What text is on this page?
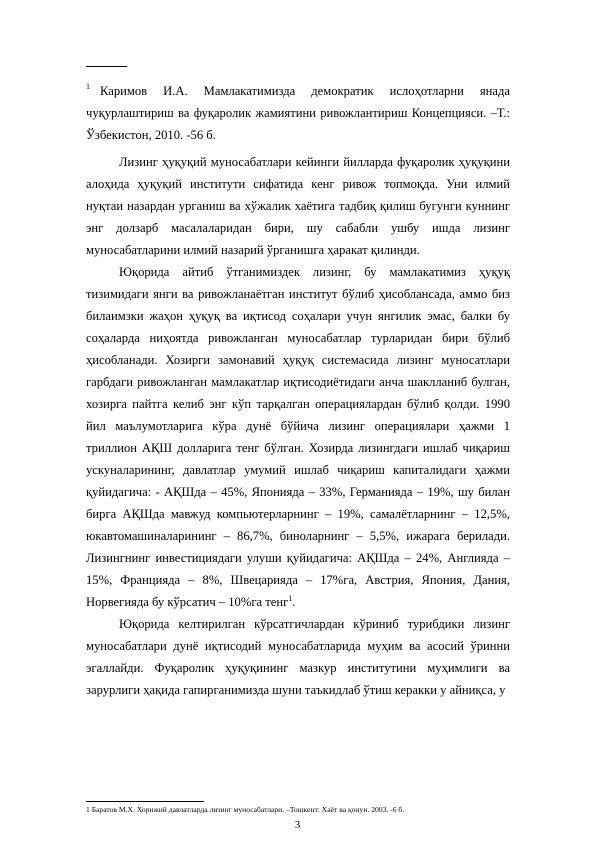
$^1$ Каримов И.А. Мамлакатимизда демократик ислоҳотларни янада чуқурлаштириш ва фуқаролик жамиятини ривожлантириш Концепцияси. –Т.: Ўзбекистон, 2010. -56 б.

Лизинг ҳуқуқий муносабатлари кейинги йилларда фуқаролик ҳуқуқини алоҳида ҳуқуқий институти сифатида кенг ривож топмоқда. Уни илмий нуқтаи назардан урганиш ва хўжалик хаётига тадбиқ қилиш бугунги куннинг энг долзарб масалаларидан бири, шу сабабли ушбу ишда лизинг муносабатларини илмий назарий ўрганишга ҳаракат қилинди.

Юқорида айтиб ўтганимиздек лизинг, бу мамлакатимиз ҳуқуқ тизимидаги янги ва ривожланаётган институт бўлиб ҳисоблансада, аммо биз билаимзки жаҳон ҳуқуқ ва иқтисод соҳалари учун янгилик эмас, балки бу соҳаларда ниҳоятда ривожланган муносабатлар турларидан бири бўлиб ҳисобланади. Хозирги замонавий ҳуқуқ системасида лизинг муносатлари гарбдаги ривожланган мамлакатлар иқтисодиётидаги анча шаклланиб булган, хозирга пайтга келиб энг кўп тарқалган операциялардан бўлиб қолди. 1990 йил маълумотларига кўра дунё бўйича лизинг операциялари ҳажми 1 триллион АҚШ долларига тенг бўлган. Хозирда лизингдаги ишлаб чиқариш ускуналарининг, давлатлар умумий ишлаб чиқариш капиталидаги ҳажми қуйидагича: - АҚШда – 45%, Японияда – 33%, Германияда – 19%, шу билан бирга АҚШда мавжуд компьютерларнинг – 19%, самалётларнинг – 12,5%, юкавтомашиналарининг – 86,7%, биноларнинг – 5,5%, ижарага берилади. Лизингнинг инвестициядаги улуши қуйидагича: АҚШда – 24%, Англияда – 15%, Францияда – 8%, Швецарияда – 17%га, Австрия, Япония, Дания, Норвегияда бу кўрсатич – 10%га тенг$^1$.

Юқорида келтирилган кўрсатгичлардан кўриниб турибдики лизинг муносабатлари дунё иқтисодий муносабатларида муҳим ва асосий ўринни эгаллайди. Фуқаролик ҳуқуқининг мазкур институтини муҳимлиги ва зарурлиги ҳақида гапирганимизда шуни таъкидлаб ўтиш керакки у айниқса, у

1 Баратов М.Х. Хорижий давлатларда лизинг муносабатлари. –Тошкент: Хаёт ва қонун. 2003. -6 б.
3
